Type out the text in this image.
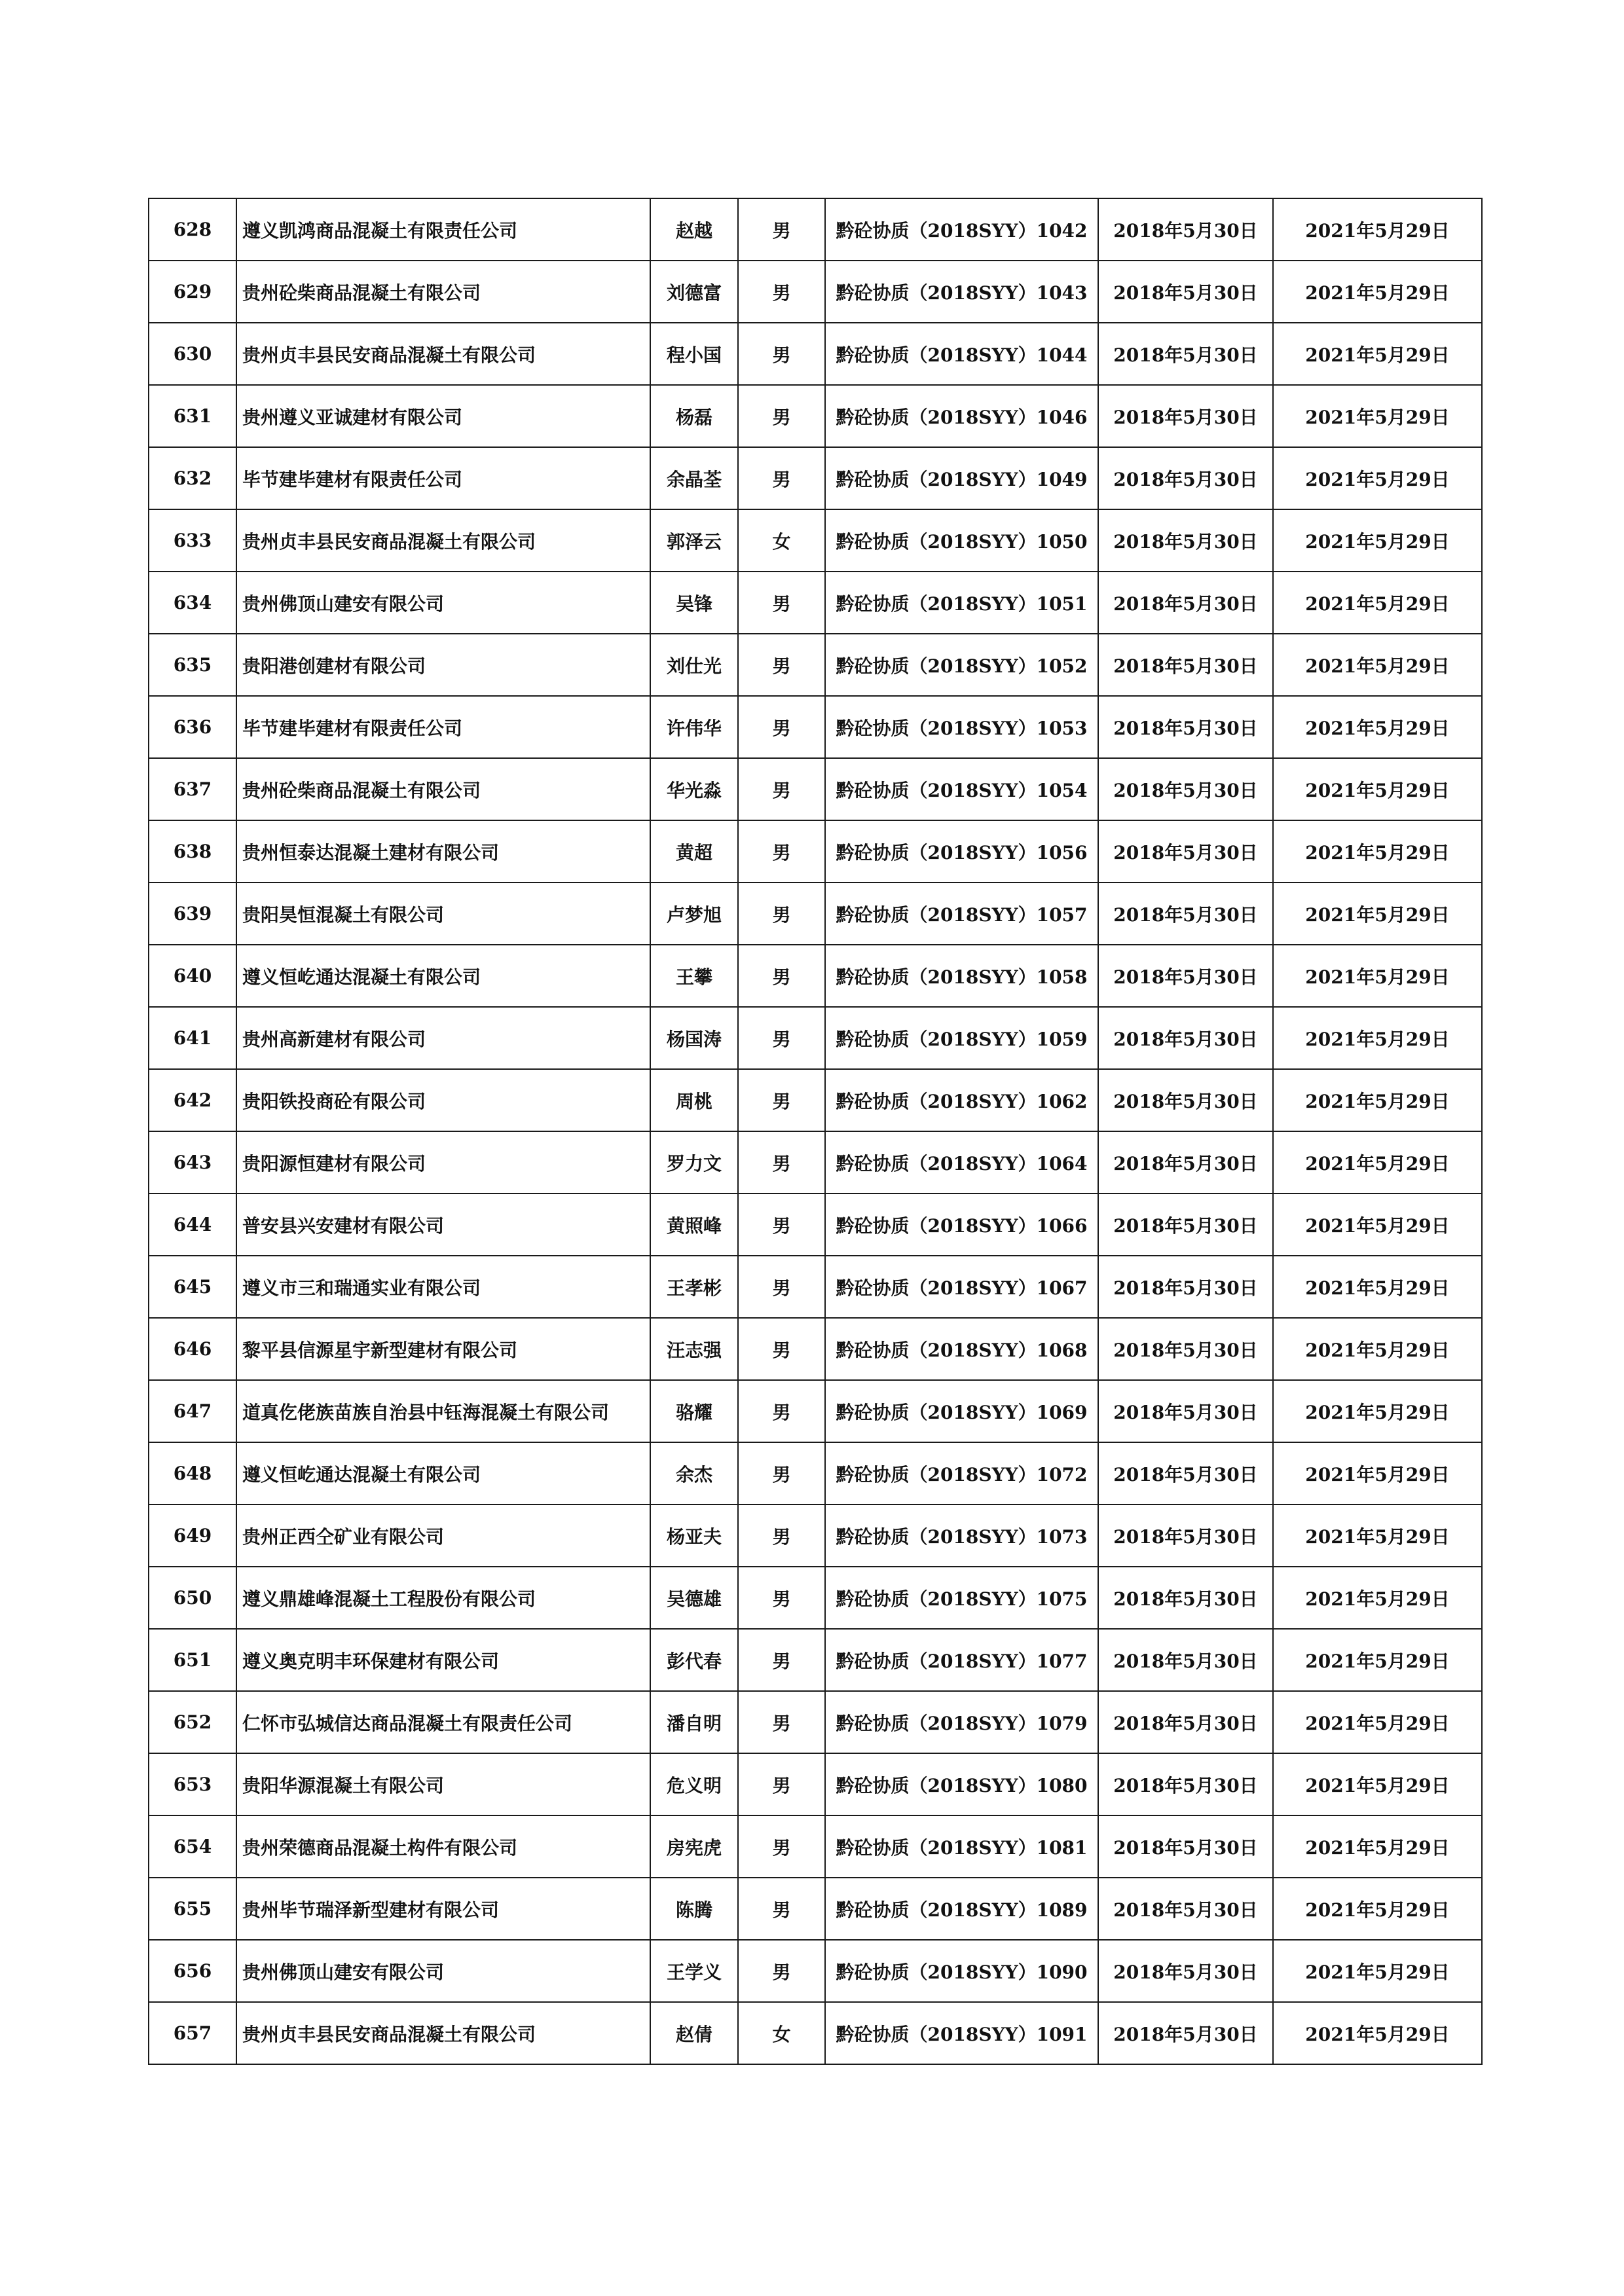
628	遵义凯鸿商品混凝土有限责任公司	赵越	男	黔砼协质（2018SYY）1042	2018年5月30日	2021年5月29日
629	贵州砼柴商品混凝土有限公司	刘德富	男	黔砼协质（2018SYY）1043	2018年5月30日	2021年5月29日
630	贵州贞丰县民安商品混凝土有限公司	程小国	男	黔砼协质（2018SYY）1044	2018年5月30日	2021年5月29日
631	贵州遵义亚诚建材有限公司	杨磊	男	黔砼协质（2018SYY）1046	2018年5月30日	2021年5月29日
632	毕节建毕建材有限责任公司	余晶荃	男	黔砼协质（2018SYY）1049	2018年5月30日	2021年5月29日
633	贵州贞丰县民安商品混凝土有限公司	郭泽云	女	黔砼协质（2018SYY）1050	2018年5月30日	2021年5月29日
634	贵州佛顶山建安有限公司	吴锋	男	黔砼协质（2018SYY）1051	2018年5月30日	2021年5月29日
635	贵阳港创建材有限公司	刘仕光	男	黔砼协质（2018SYY）1052	2018年5月30日	2021年5月29日
636	毕节建毕建材有限责任公司	许伟华	男	黔砼协质（2018SYY）1053	2018年5月30日	2021年5月29日
637	贵州砼柴商品混凝土有限公司	华光淼	男	黔砼协质（2018SYY）1054	2018年5月30日	2021年5月29日
638	贵州恒泰达混凝土建材有限公司	黄超	男	黔砼协质（2018SYY）1056	2018年5月30日	2021年5月29日
639	贵阳昊恒混凝土有限公司	卢梦旭	男	黔砼协质（2018SYY）1057	2018年5月30日	2021年5月29日
640	遵义恒屹通达混凝土有限公司	王攀	男	黔砼协质（2018SYY）1058	2018年5月30日	2021年5月29日
641	贵州高新建材有限公司	杨国涛	男	黔砼协质（2018SYY）1059	2018年5月30日	2021年5月29日
642	贵阳铁投商砼有限公司	周桃	男	黔砼协质（2018SYY）1062	2018年5月30日	2021年5月29日
643	贵阳源恒建材有限公司	罗力文	男	黔砼协质（2018SYY）1064	2018年5月30日	2021年5月29日
644	普安县兴安建材有限公司	黄照峰	男	黔砼协质（2018SYY）1066	2018年5月30日	2021年5月29日
645	遵义市三和瑞通实业有限公司	王孝彬	男	黔砼协质（2018SYY）1067	2018年5月30日	2021年5月29日
646	黎平县信源星宇新型建材有限公司	汪志强	男	黔砼协质（2018SYY）1068	2018年5月30日	2021年5月29日
647	道真仡佬族苗族自治县中钰海混凝土有限公司	骆耀	男	黔砼协质（2018SYY）1069	2018年5月30日	2021年5月29日
648	遵义恒屹通达混凝土有限公司	余杰	男	黔砼协质（2018SYY）1072	2018年5月30日	2021年5月29日
649	贵州正西仝矿业有限公司	杨亚夫	男	黔砼协质（2018SYY）1073	2018年5月30日	2021年5月29日
650	遵义鼎雄峰混凝土工程股份有限公司	吴德雄	男	黔砼协质（2018SYY）1075	2018年5月30日	2021年5月29日
651	遵义奥克明丰环保建材有限公司	彭代春	男	黔砼协质（2018SYY）1077	2018年5月30日	2021年5月29日
652	仁怀市弘城信达商品混凝土有限责任公司	潘自明	男	黔砼协质（2018SYY）1079	2018年5月30日	2021年5月29日
653	贵阳华源混凝土有限公司	危义明	男	黔砼协质（2018SYY）1080	2018年5月30日	2021年5月29日
654	贵州荣德商品混凝土构件有限公司	房宪虎	男	黔砼协质（2018SYY）1081	2018年5月30日	2021年5月29日
655	贵州毕节瑞泽新型建材有限公司	陈腾	男	黔砼协质（2018SYY）1089	2018年5月30日	2021年5月29日
656	贵州佛顶山建安有限公司	王学义	男	黔砼协质（2018SYY）1090	2018年5月30日	2021年5月29日
657	贵州贞丰县民安商品混凝土有限公司	赵倩	女	黔砼协质（2018SYY）1091	2018年5月30日	2021年5月29日
